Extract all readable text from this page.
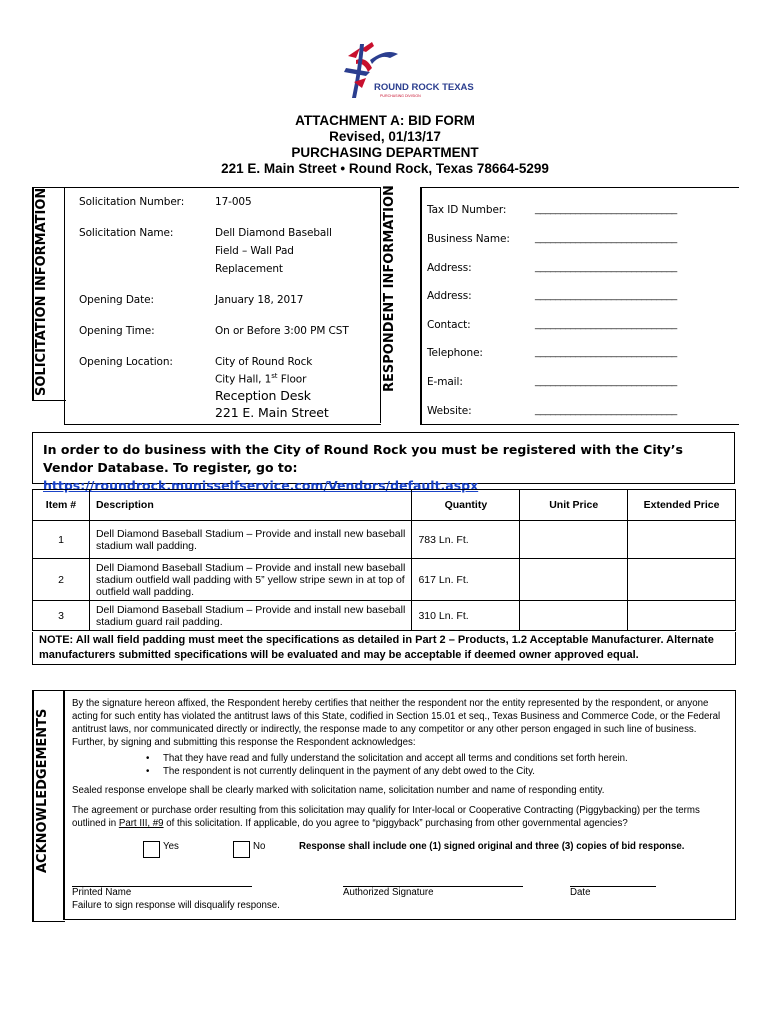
ROUND ROCK TEXAS
PURCHASING DIVISION
ATTACHMENT A: BID FORM
Revised, 01/13/17
PURCHASING DEPARTMENT
221 E. Main Street • Round Rock, Texas 78664-5299
SOLICITATION INFORMATION	Solicitation Number:	17-005
Solicitation Name:	Dell Diamond Baseball
Field – Wall Pad
Replacement
Opening Date:	January 18, 2017
Opening Time:	On or Before 3:00 PM CST
Opening Location:	City of Round Rock
City Hall, 1st Floor
Reception Desk
221 E. Main Street
RESPONDENT INFORMATION	Tax ID Number:	____________________________
Business Name:	____________________________
Address:	____________________________
Address:	____________________________
Contact:	____________________________
Telephone:	____________________________
E-mail:	____________________________
Website:	____________________________
In order to do business with the City of Round Rock you must be registered with the City’s Vendor Database. To register, go to: https://roundrock.munisselfservice.com/Vendors/default.aspx
Item #	Description	Quantity	Unit Price	Extended Price
1	Dell Diamond Baseball Stadium – Provide and install new baseball stadium wall padding.	783 Ln. Ft.		
2	Dell Diamond Baseball Stadium – Provide and install new baseball stadium outfield wall padding with 5” yellow stripe sewn in at top of outfield wall padding.	617 Ln. Ft.		
3	Dell Diamond Baseball Stadium – Provide and install new baseball stadium guard rail padding.	310 Ln. Ft.		
NOTE: All wall field padding must meet the specifications as detailed in Part 2 – Products, 1.2 Acceptable Manufacturer. Alternate manufacturers submitted specifications will be evaluated and may be acceptable if deemed owner approved equal.
ACKNOWLEDGEMENTS
By the signature hereon affixed, the Respondent hereby certifies that neither the respondent nor the entity represented by the respondent, or anyone acting for such entity has violated the antitrust laws of this State, codified in Section 15.01 et seq., Texas Business and Commerce Code, or the Federal antitrust laws, nor communicated directly or indirectly, the response made to any competitor or any other person engaged in such line of business. Further, by signing and submitting this response the Respondent acknowledges:
• That they have read and fully understand the solicitation and accept all terms and conditions set forth herein.
• The respondent is not currently delinquent in the payment of any debt owed to the City.
Sealed response envelope shall be clearly marked with solicitation name, solicitation number and name of responding entity.
The agreement or purchase order resulting from this solicitation may qualify for Inter-local or Cooperative Contracting (Piggybacking) per the terms outlined in Part III, #9 of this solicitation. If applicable, do you agree to “piggyback” purchasing from other governmental agencies?
Yes	No	Response shall include one (1) signed original and three (3) copies of bid response.
Printed Name
Failure to sign response will disqualify response.
Authorized Signature	Date
